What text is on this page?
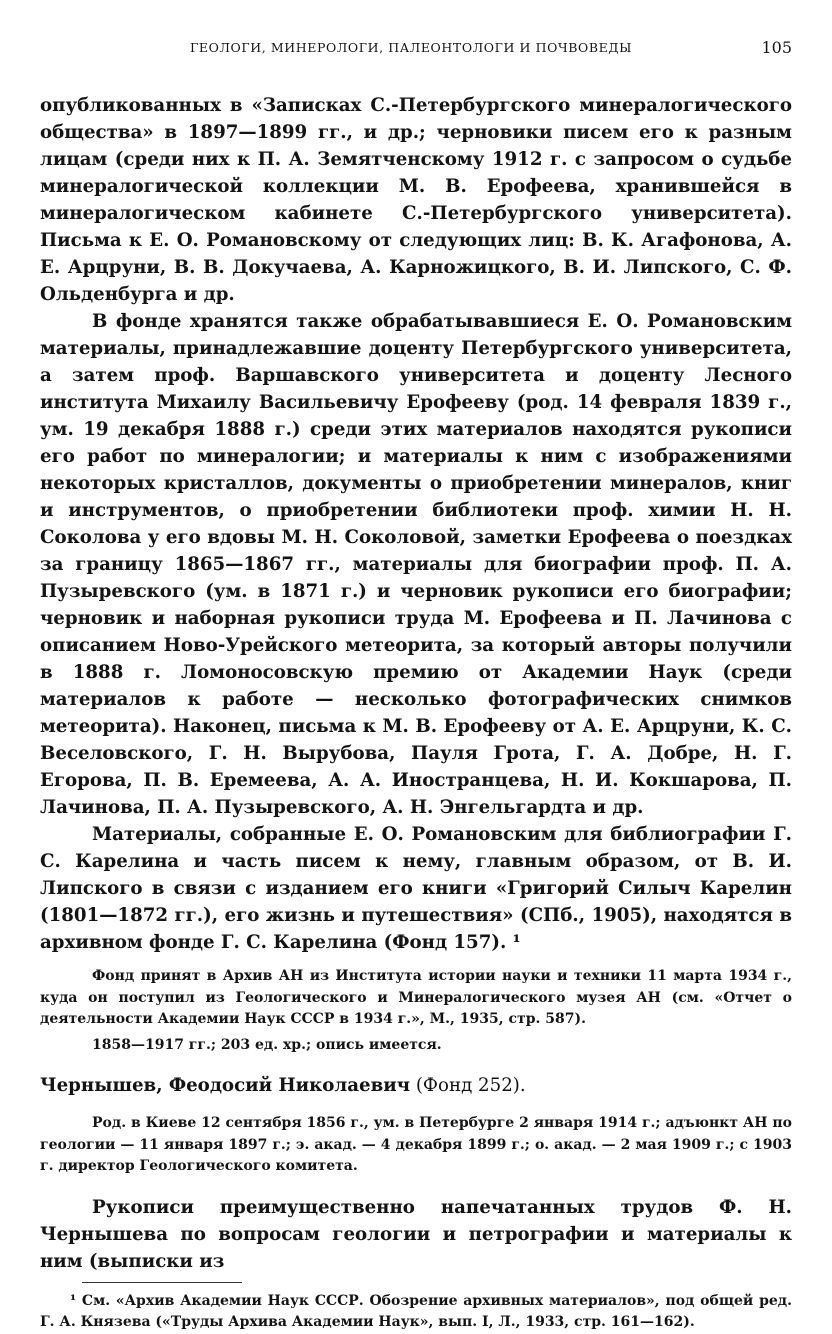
ГЕОЛОГИ, МИНЕРОЛОГИ, ПАЛЕОНТОЛОГИ И ПОЧВОВЕДЫ	105

опубликованных в «Записках С.-Петербургского минералогического общества» в 1897—1899 гг., и др.; черновики писем его к разным лицам (среди них к П. А. Земятченскому 1912 г. с запросом о судьбе минералогической коллекции М. В. Ерофеева, хранившейся в минералогическом кабинете С.-Петербургского университета). Письма к Е. О. Романовскому от следующих лиц: В. К. Агафонова, А. Е. Арцруни, В. В. Докучаева, А. Карножицкого, В. И. Липского, С. Ф. Ольденбурга и др.

В фонде хранятся также обрабатывавшиеся Е. О. Романовским материалы, принадлежавшие доценту Петербургского университета, а затем проф. Варшавского университета и доценту Лесного института Михаилу Васильевичу Ерофееву (род. 14 февраля 1839 г., ум. 19 декабря 1888 г.) среди этих материалов находятся рукописи его работ по минералогии; и материалы к ним с изображениями некоторых кристаллов, документы о приобретении минералов, книг и инструментов, о приобретении библиотеки проф. химии Н. Н. Соколова у его вдовы М. Н. Соколовой, заметки Ерофеева о поездках за границу 1865—1867 гг., материалы для биографии проф. П. А. Пузыревского (ум. в 1871 г.) и черновик рукописи его биографии; черновик и наборная рукописи труда М. Ерофеева и П. Лачинова с описанием Ново-Урейского метеорита, за который авторы получили в 1888 г. Ломоносовскую премию от Академии Наук (среди материалов к работе — несколько фотографических снимков метеорита). Наконец, письма к М. В. Ерофееву от А. Е. Арцруни, К. С. Веселовского, Г. Н. Вырубова, Пауля Грота, Г. А. Добре, Н. Г. Егорова, П. В. Еремеева, А. А. Иностранцева, Н. И. Кокшарова, П. Лачинова, П. А. Пузыревского, А. Н. Энгельгардта и др.

Материалы, собранные Е. О. Романовским для библиографии Г. С. Карелина и часть писем к нему, главным образом, от В. И. Липского в связи с изданием его книги «Григорий Силыч Карелин (1801—1872 гг.), его жизнь и путешествия» (СПб., 1905), находятся в архивном фонде Г. С. Карелина (Фонд 157). ¹

Фонд принят в Архив АН из Института истории науки и техники 11 марта 1934 г., куда он поступил из Геологического и Минералогического музея АН (см. «Отчет о деятельности Академии Наук СССР в 1934 г.», М., 1935, стр. 587).

1858—1917 гг.; 203 ед. хр.; опись имеется.

Чернышев, Феодосий Николаевич (Фонд 252).

Род. в Киеве 12 сентября 1856 г., ум. в Петербурге 2 января 1914 г.; адъюнкт АН по геологии — 11 января 1897 г.; э. акад. — 4 декабря 1899 г.; о. акад. — 2 мая 1909 г.; с 1903 г. директор Геологического комитета.

Рукописи преимущественно напечатанных трудов Ф. Н. Чернышева по вопросам геологии и петрографии и материалы к ним (выписки из

¹ См. «Архив Академии Наук СССР. Обозрение архивных материалов», под общей ред. Г. А. Князева («Труды Архива Академии Наук», вып. I, Л., 1933, стр. 161—162).
